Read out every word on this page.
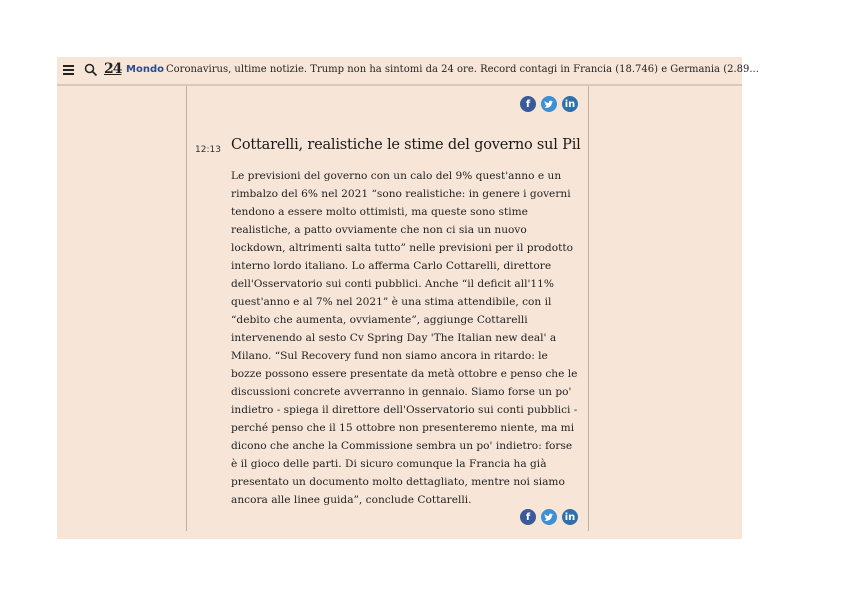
24 Mondo Coronavirus, ultime notizie. Trump non ha sintomi da 24 ore. Record contagi in Francia (18.746) e Germania (2.89...
f	in
12:13 Cottarelli, realistiche le stime del governo sul Pil
Le previsioni del governo con un calo del 9% quest'anno e un rimbalzo del 6% nel 2021 “sono realistiche: in genere i governi tendono a essere molto ottimisti, ma queste sono stime realistiche, a patto ovviamente che non ci sia un nuovo lockdown, altrimenti salta tutto” nelle previsioni per il prodotto interno lordo italiano. Lo afferma Carlo Cottarelli, direttore dell'Osservatorio sui conti pubblici. Anche “il deficit all'11% quest'anno e al 7% nel 2021” è una stima attendibile, con il “debito che aumenta, ovviamente”, aggiunge Cottarelli intervenendo al sesto Cv Spring Day 'The Italian new deal' a Milano. “Sul Recovery fund non siamo ancora in ritardo: le bozze possono essere presentate da metà ottobre e penso che le discussioni concrete avverranno in gennaio. Siamo forse un po' indietro - spiega il direttore dell'Osservatorio sui conti pubblici - perché penso che il 15 ottobre non presenteremo niente, ma mi dicono che anche la Commissione sembra un po' indietro: forse è il gioco delle parti. Di sicuro comunque la Francia ha già presentato un documento molto dettagliato, mentre noi siamo ancora alle linee guida”, conclude Cottarelli.
f	in
